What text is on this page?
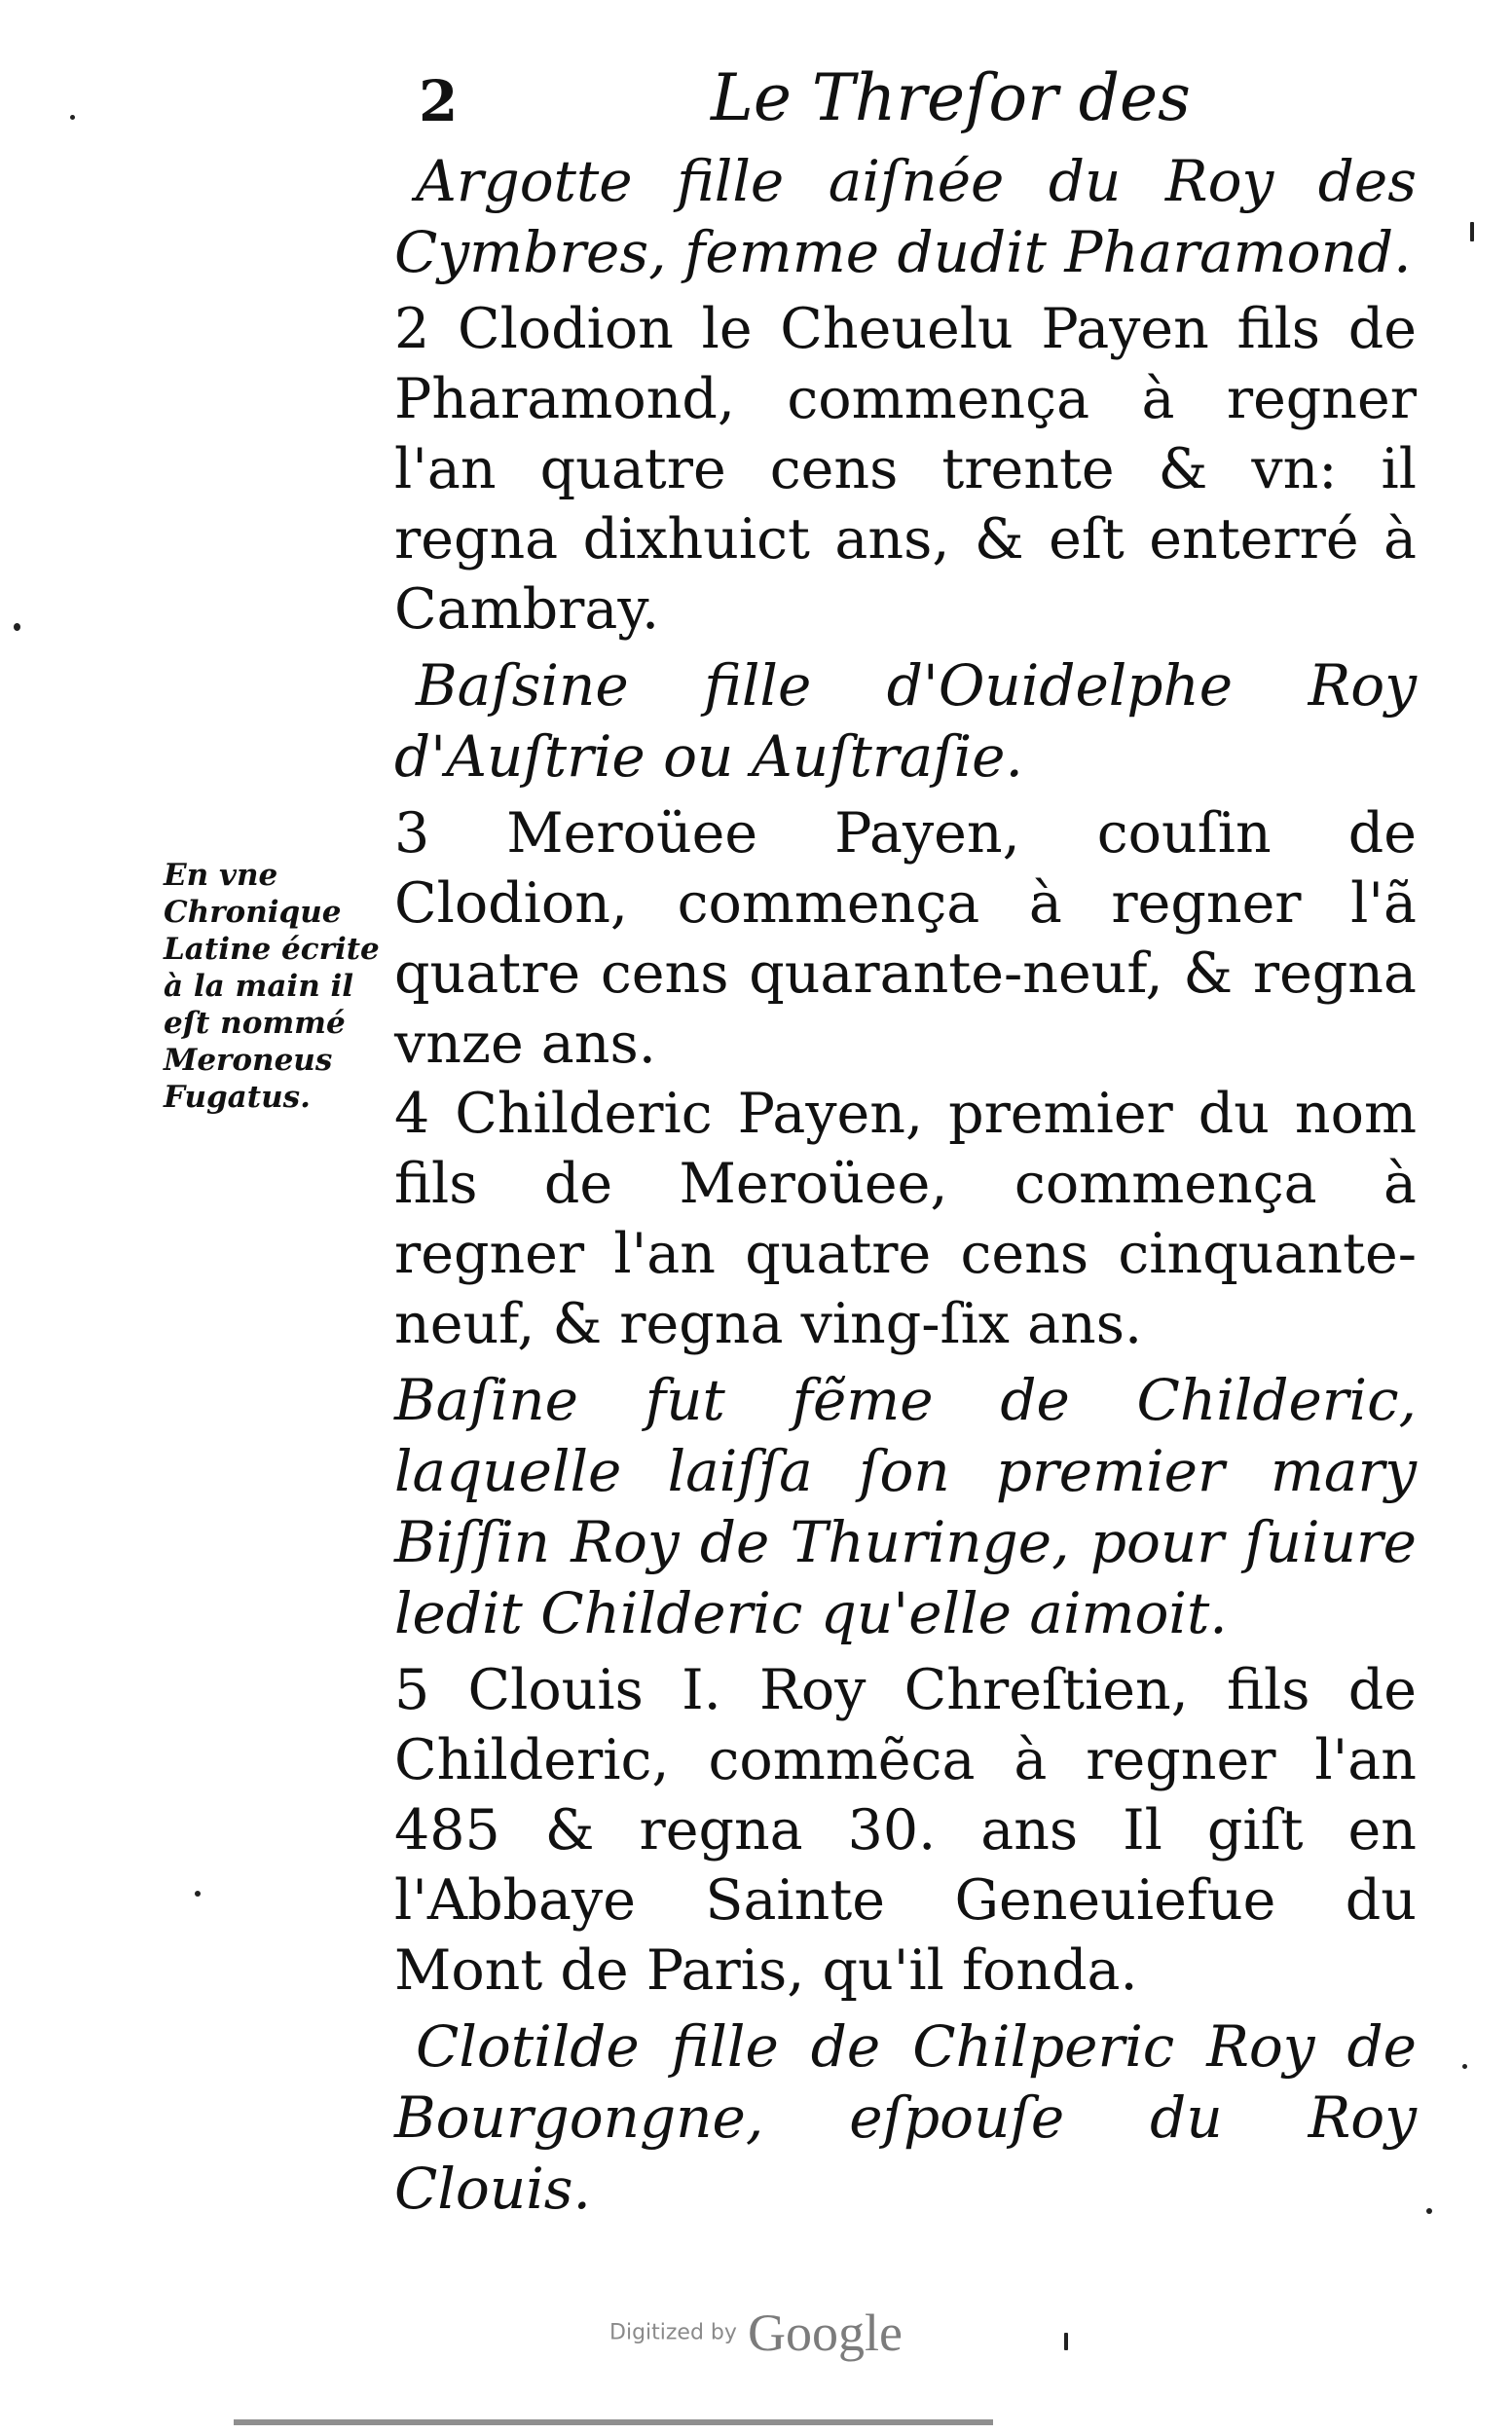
2	Le Threſor des

Argotte fille aiſnée du Roy des Cymbres, femme dudit Pharamond.

2 Clodion le Cheuelu Payen fils de Pharamond, commença à regner l'an quatre cens trente & vn: il regna dixhuict ans, & eſt enterré à Cambray.

Baſsine fille d'Ouidelphe Roy d'Auſtrie ou Auſtraſie.

3 Meroüee Payen, couſin de Clodion, commença à regner l'ã quatre cens quarante-neuf, & regna vnze ans.

4 Childeric Payen, premier du nom fils de Meroüee, commença à regner l'an quatre cens cinquante-neuf, & regna ving-ſix ans.

Baſine fut fẽme de Childeric, laquelle laiſſa ſon premier mary Biſſin Roy de Thuringe, pour ſuiure ledit Childeric qu'elle aimoit.

5 Clouis I. Roy Chreſtien, fils de Childeric, commẽca à regner l'an 485 & regna 30. ans Il giſt en l'Abbaye Sainte Geneuiefue du Mont de Paris, qu'il fonda.

Clotilde fille de Chilperic Roy de Bourgongne, eſpouſe du Roy Clouis.

En vne
Chronique
Latine écrite
à la main il
eſt nommé
Meroneus
Fugatus.
Digitized by Google
